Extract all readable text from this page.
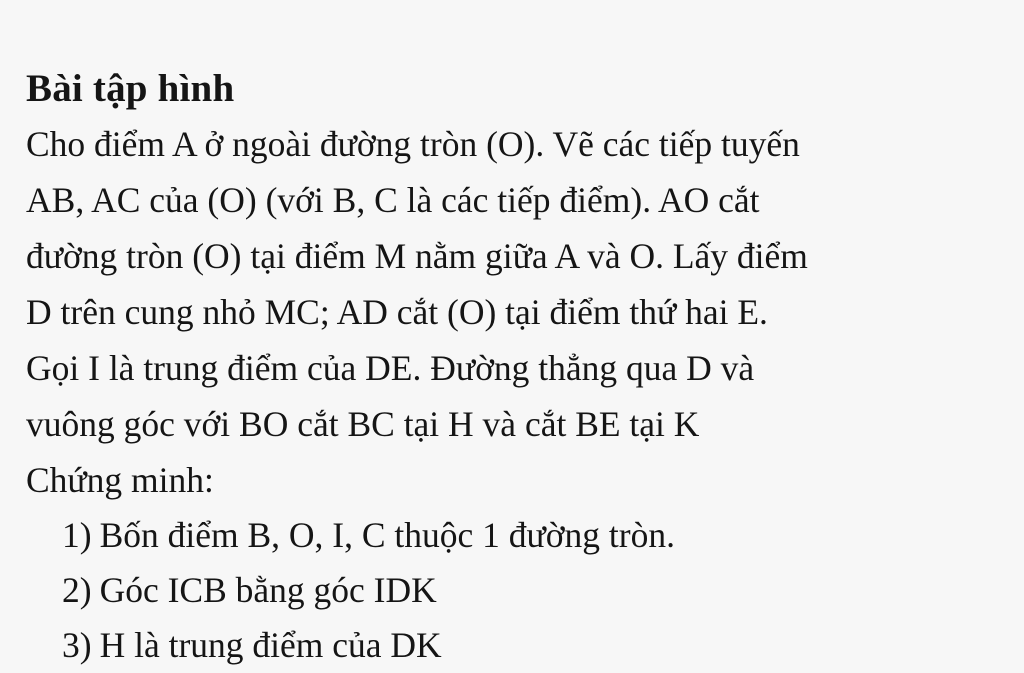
Bài tập hình

Cho điểm A ở ngoài đường tròn (O). Vẽ các tiếp tuyến
AB, AC của (O) (với B, C là các tiếp điểm). AO cắt
đường tròn (O) tại điểm M nằm giữa A và O. Lấy điểm
D trên cung nhỏ MC; AD cắt (O) tại điểm thứ hai E.
Gọi I là trung điểm của DE. Đường thẳng qua D và
vuông góc với BO cắt BC tại H và cắt BE tại K

Chứng minh:
1) Bốn điểm B, O, I, C thuộc 1 đường tròn.
2) Góc ICB bằng góc IDK
3) H là trung điểm của DK
